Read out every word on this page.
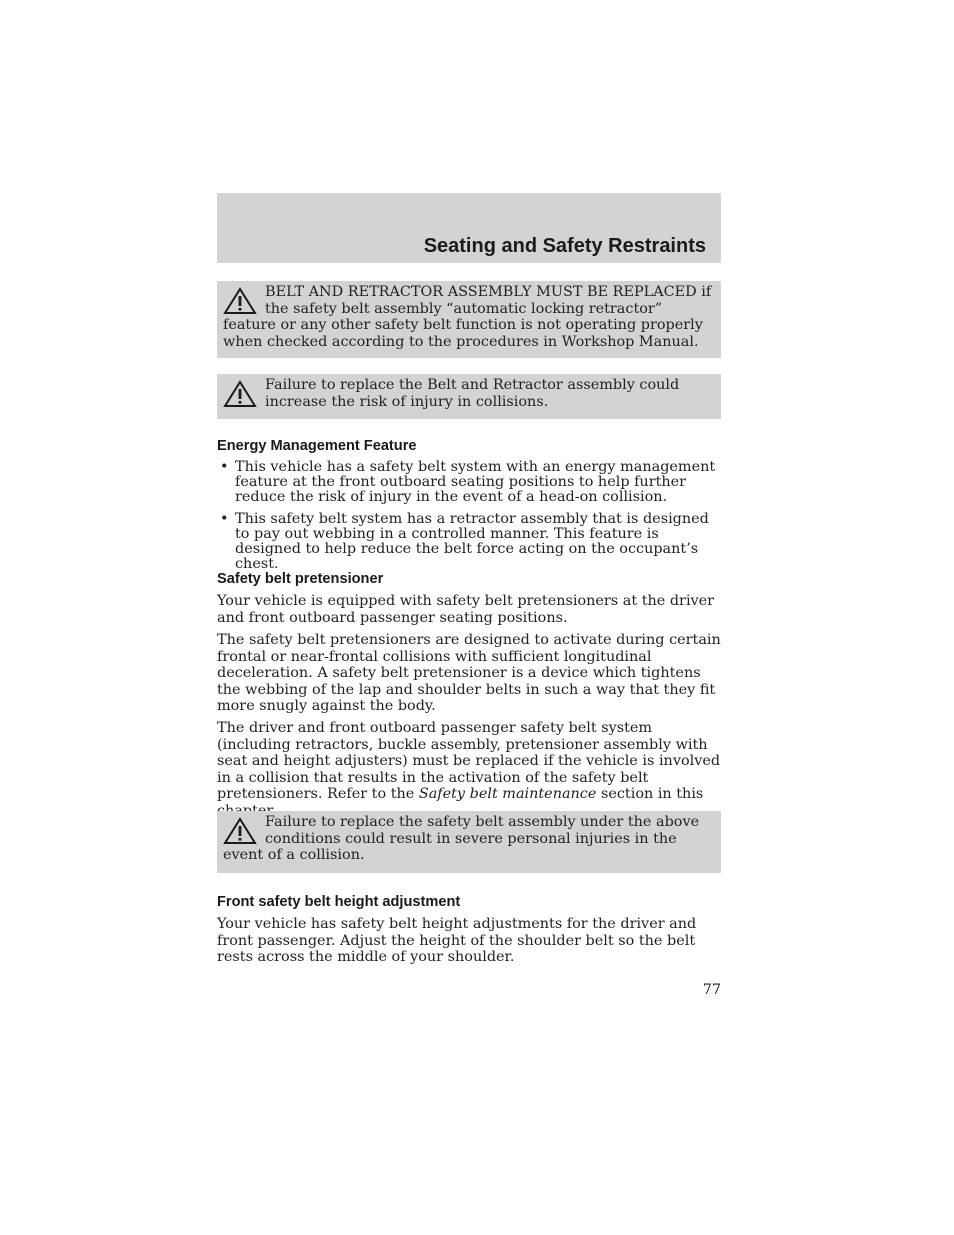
Seating and Safety Restraints
BELT AND RETRACTOR ASSEMBLY MUST BE REPLACED if the safety belt assembly “automatic locking retractor” feature or any other safety belt function is not operating properly when checked according to the procedures in Workshop Manual.
Failure to replace the Belt and Retractor assembly could increase the risk of injury in collisions.
Energy Management Feature
• This vehicle has a safety belt system with an energy management feature at the front outboard seating positions to help further reduce the risk of injury in the event of a head-on collision.
• This safety belt system has a retractor assembly that is designed to pay out webbing in a controlled manner. This feature is designed to help reduce the belt force acting on the occupant’s chest.
Safety belt pretensioner

Your vehicle is equipped with safety belt pretensioners at the driver and front outboard passenger seating positions.

The safety belt pretensioners are designed to activate during certain frontal or near-frontal collisions with sufficient longitudinal deceleration. A safety belt pretensioner is a device which tightens the webbing of the lap and shoulder belts in such a way that they fit more snugly against the body.

The driver and front outboard passenger safety belt system (including retractors, buckle assembly, pretensioner assembly with seat and height adjusters) must be replaced if the vehicle is involved in a collision that results in the activation of the safety belt pretensioners. Refer to the Safety belt maintenance section in this

Failure to replace the safety belt assembly under the above conditions could result in severe personal injuries in the event of a collision.
Front safety belt height adjustment

Your vehicle has safety belt height adjustments for the driver and front passenger. Adjust the height of the shoulder belt so the belt rests across the middle of your shoulder.

77
